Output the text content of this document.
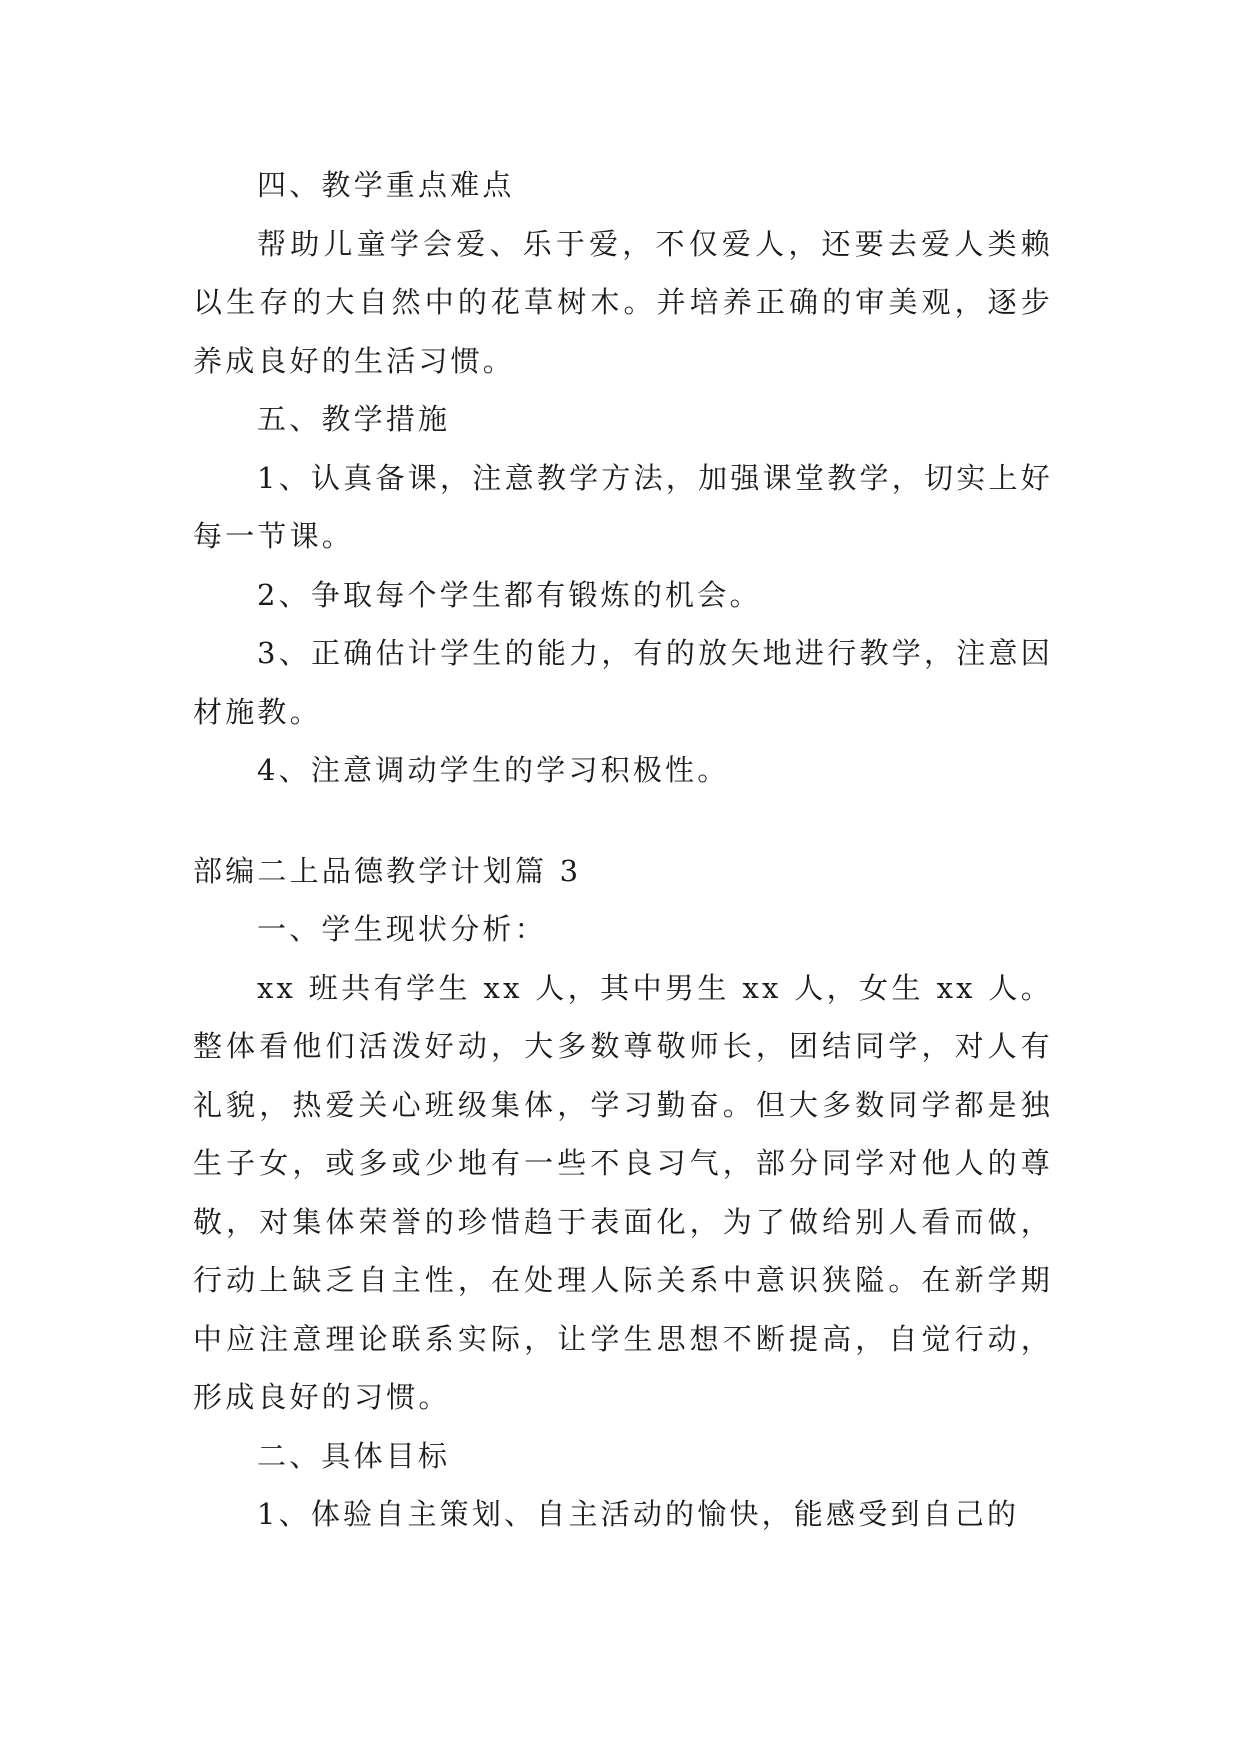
四、教学重点难点

帮助儿童学会爱、乐于爱，不仅爱人，还要去爱人类赖以生存的大自然中的花草树木。并培养正确的审美观，逐步养成良好的生活习惯。

五、教学措施

1、认真备课，注意教学方法，加强课堂教学，切实上好每一节课。

2、争取每个学生都有锻炼的机会。

3、正确估计学生的能力，有的放矢地进行教学，注意因材施教。

4、注意调动学生的学习积极性。

部编二上品德教学计划篇 3

一、学生现状分析：

xx 班共有学生 xx 人，其中男生 xx 人，女生 xx 人。整体看他们活泼好动，大多数尊敬师长，团结同学，对人有礼貌，热爱关心班级集体，学习勤奋。但大多数同学都是独生子女，或多或少地有一些不良习气，部分同学对他人的尊敬，对集体荣誉的珍惜趋于表面化，为了做给别人看而做，行动上缺乏自主性，在处理人际关系中意识狭隘。在新学期中应注意理论联系实际，让学生思想不断提高，自觉行动，形成良好的习惯。

二、具体目标

1、体验自主策划、自主活动的愉快，能感受到自己的
